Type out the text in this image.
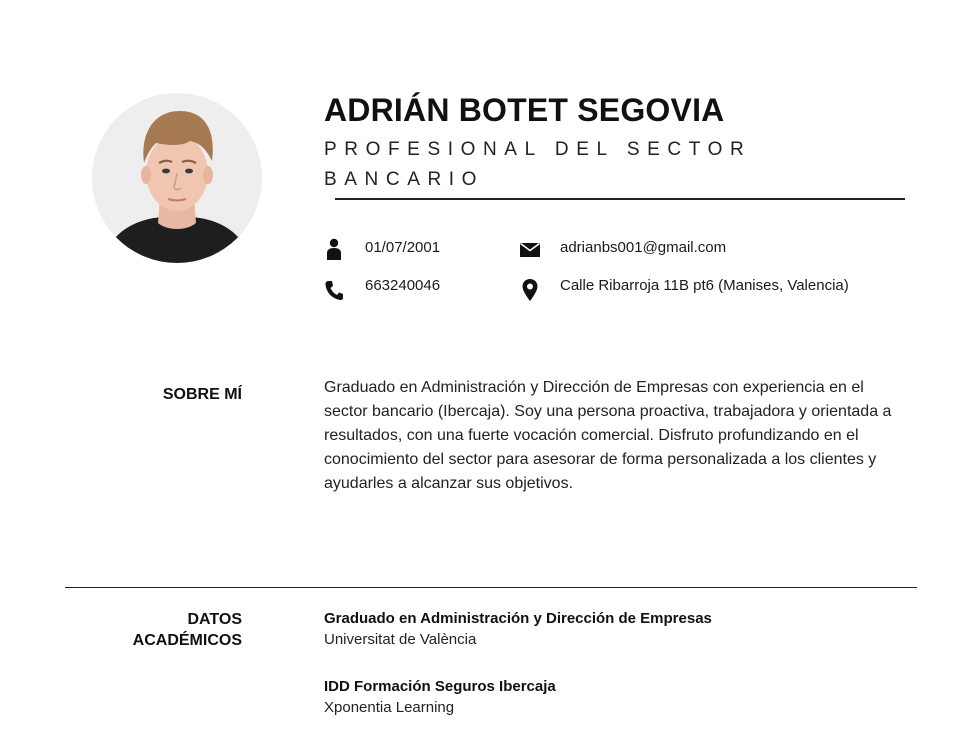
ADRIÁN BOTET SEGOVIA
PROFESIONAL DEL SECTOR BANCARIO
01/07/2001
663240046
adrianbs001@gmail.com
Calle Ribarroja 11B pt6 (Manises, Valencia)
SOBRE MÍ	Graduado en Administración y Dirección de Empresas con experiencia en el sector bancario (Ibercaja). Soy una persona proactiva, trabajadora y orientada a resultados, con una fuerte vocación comercial. Disfruto profundizando en el conocimiento del sector para asesorar de forma personalizada a los clientes y ayudarles a alcanzar sus objetivos.
DATOS
ACADÉMICOS
Graduado en Administración y Dirección de Empresas
Universitat de València
IDD Formación Seguros Ibercaja
Xponentia Learning
